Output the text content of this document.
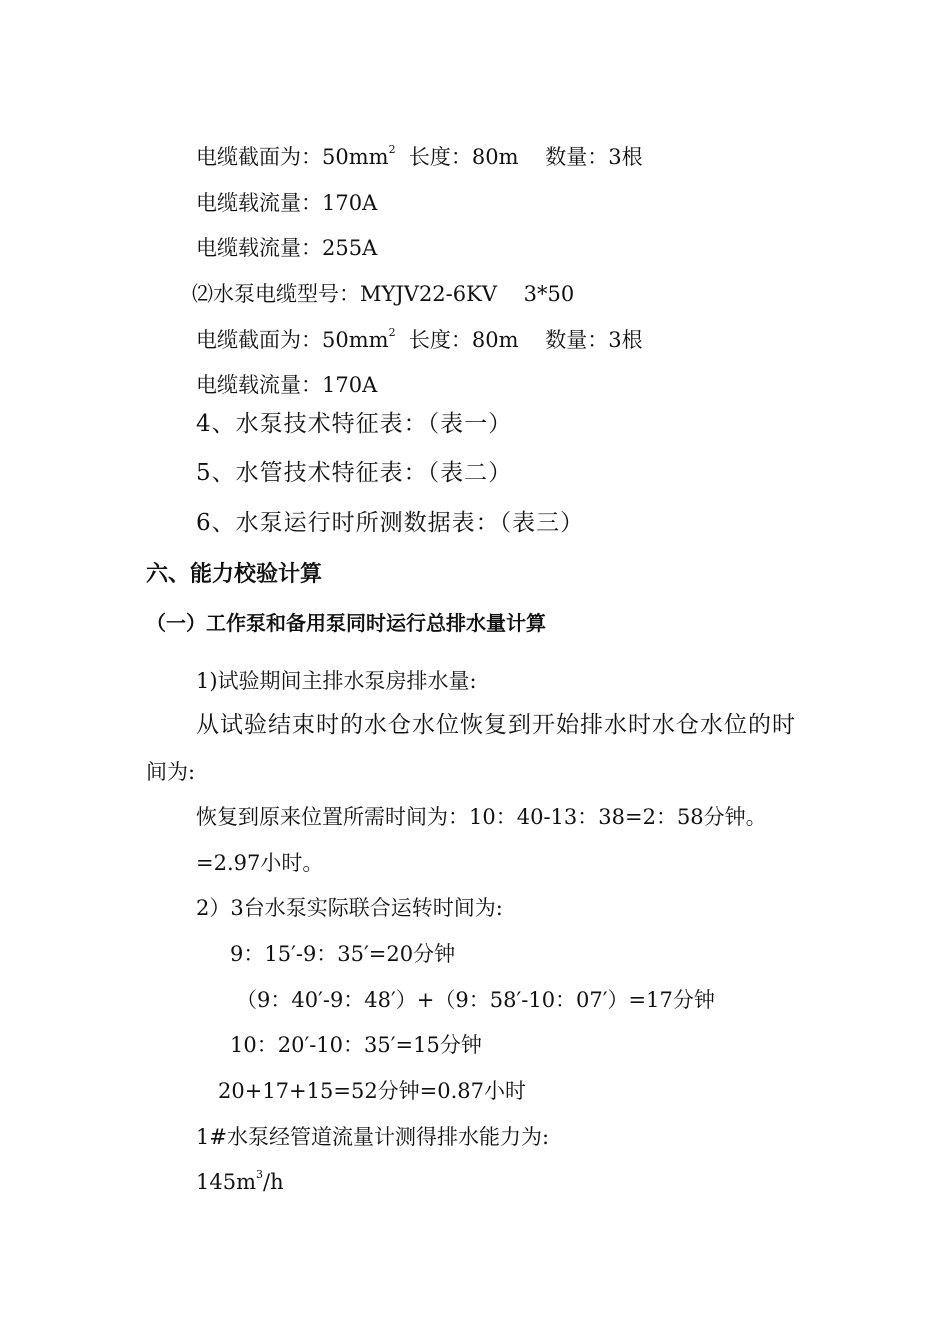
电缆截面为：$50mm^2$  长度：80m    数量：3根
电缆载流量：170A
电缆载流量：255A
⑵水泵电缆型号：MYJV22-6KV    3*50
电缆截面为：$50mm^2$  长度：80m    数量：3根
电缆载流量：170A
4、水泵技术特征表：（表一）
5、水管技术特征表：（表二）
6、水泵运行时所测数据表：（表三）
六、能力校验计算
（一）工作泵和备用泵同时运行总排水量计算
1)试验期间主排水泵房排水量:
从试验结束时的水仓水位恢复到开始排水时水仓水位的时
间为:
恢复到原来位置所需时间为：10：40-13：38=2：58分钟。
=2.97小时。
2）3台水泵实际联合运转时间为:
9：15′-9：35′=20分钟
（9：40′-9：48′）+（9：58′-10：07′）=17分钟
10：20′-10：35′=15分钟
20+17+15=52分钟=0.87小时
1#水泵经管道流量计测得排水能力为:
$145m^3/h$
